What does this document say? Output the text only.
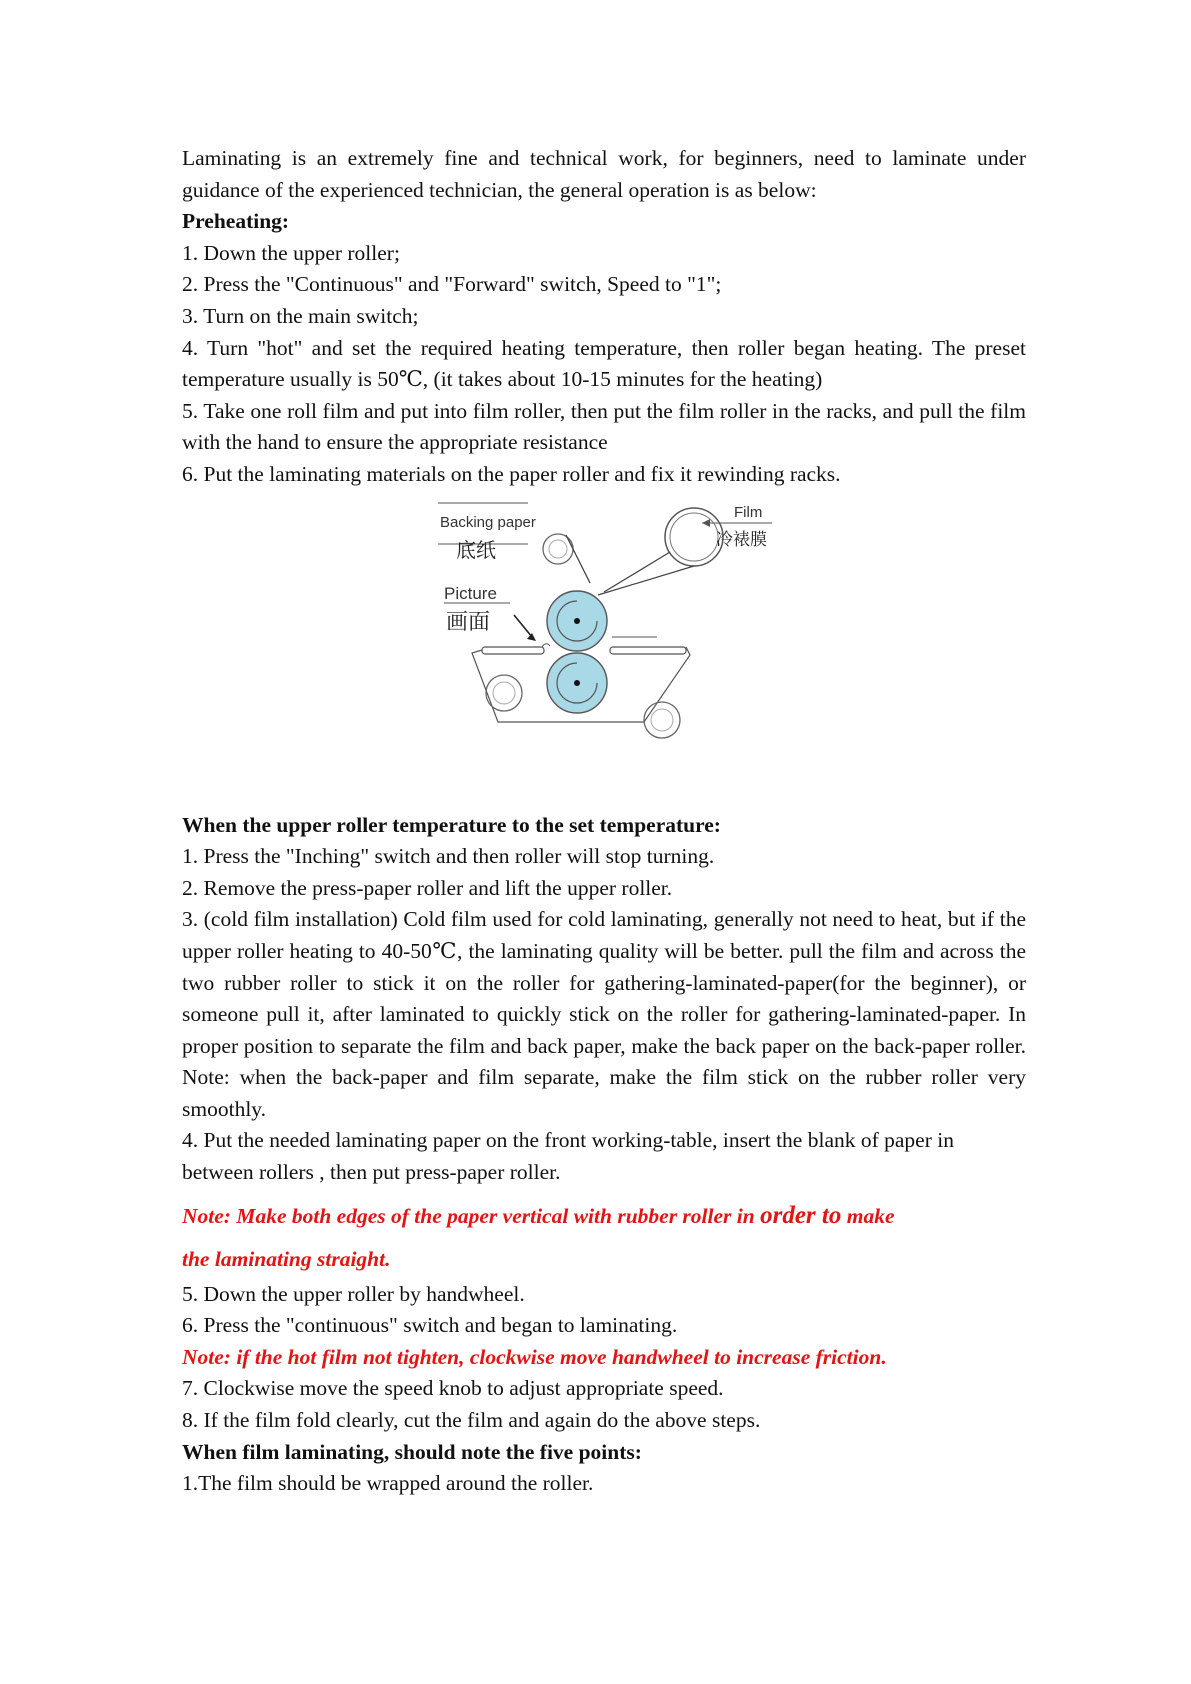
Laminating is an extremely fine and technical work, for beginners, need to laminate under guidance of the experienced technician, the general operation is as below:

Preheating:

1. Down the upper roller;

2. Press the "Continuous" and "Forward" switch, Speed to "1";

3. Turn on the main switch;

4. Turn "hot" and set the required heating temperature, then roller began heating. The preset temperature usually is 50℃, (it takes about 10-15 minutes for the heating)

5. Take one roll film and put into film roller, then put the film roller in the racks, and pull the film with the hand to ensure the appropriate resistance

6. Put the laminating materials on the paper roller and fix it rewinding racks.

Backing paper
底纸
Film
冷裱膜
Picture
画面

When the upper roller temperature to the set temperature:

1. Press the "Inching" switch and then roller will stop turning.

2. Remove the press-paper roller and lift the upper roller.

3. (cold film installation) Cold film used for cold laminating, generally not need to heat, but if the upper roller heating to 40-50℃, the laminating quality will be better. pull the film and across the two rubber roller to stick it on the roller for gathering-laminated-paper(for the beginner), or someone pull it, after laminated to quickly stick on the roller for gathering-laminated-paper. In proper position to separate the film and back paper, make the back paper on the back-paper roller. Note: when the back-paper and film separate, make the film stick on the rubber roller very smoothly.

4. Put the needed laminating paper on the front working-table, insert the blank of paper in between rollers , then put press-paper roller.

Note: Make both edges of the paper vertical with rubber roller in order to make

the laminating straight.

5. Down the upper roller by handwheel.

6. Press the "continuous" switch and began to laminating.

Note: if the hot film not tighten, clockwise move handwheel to increase friction.

7. Clockwise move the speed knob to adjust appropriate speed.

8. If the film fold clearly, cut the film and again do the above steps.

When film laminating, should note the five points:

1.The film should be wrapped around the roller.
